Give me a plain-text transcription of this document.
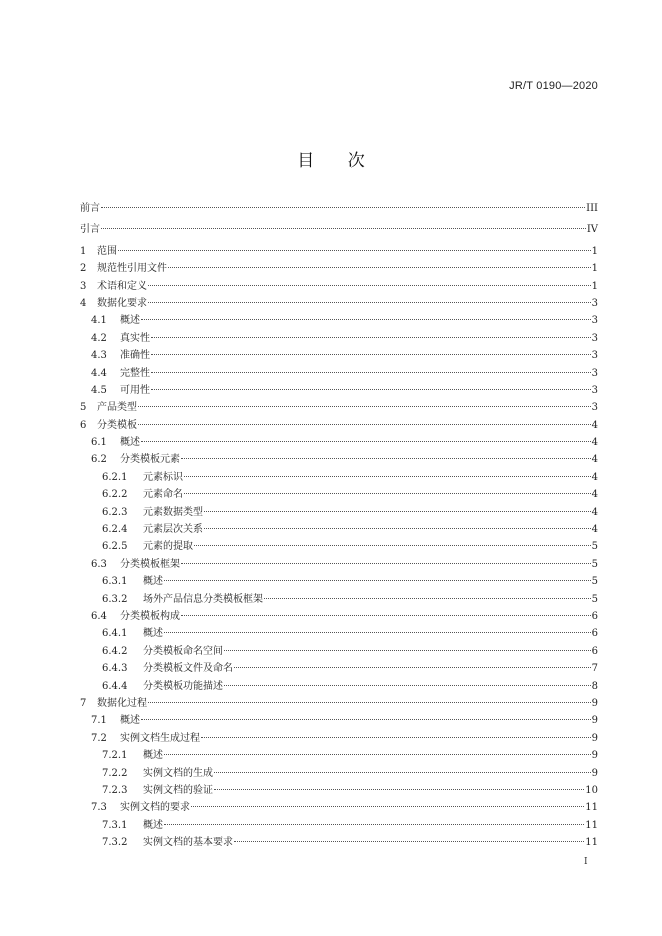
JR/T 0190—2020
目 次
前言	III
引言	IV
1	范围	1
2	规范性引用文件	1
3	术语和定义	1
4	数据化要求	3
4.1	概述	3
4.2	真实性	3
4.3	准确性	3
4.4	完整性	3
4.5	可用性	3
5	产品类型	3
6	分类模板	4
6.1	概述	4
6.2	分类模板元素	4
6.2.1	元素标识	4
6.2.2	元素命名	4
6.2.3	元素数据类型	4
6.2.4	元素层次关系	4
6.2.5	元素的提取	5
6.3	分类模板框架	5
6.3.1	概述	5
6.3.2	场外产品信息分类模板框架	5
6.4	分类模板构成	6
6.4.1	概述	6
6.4.2	分类模板命名空间	6
6.4.3	分类模板文件及命名	7
6.4.4	分类模板功能描述	8
7	数据化过程	9
7.1	概述	9
7.2	实例文档生成过程	9
7.2.1	概述	9
7.2.2	实例文档的生成	9
7.2.3	实例文档的验证	10
7.3	实例文档的要求	11
7.3.1	概述	11
7.3.2	实例文档的基本要求	11
I
